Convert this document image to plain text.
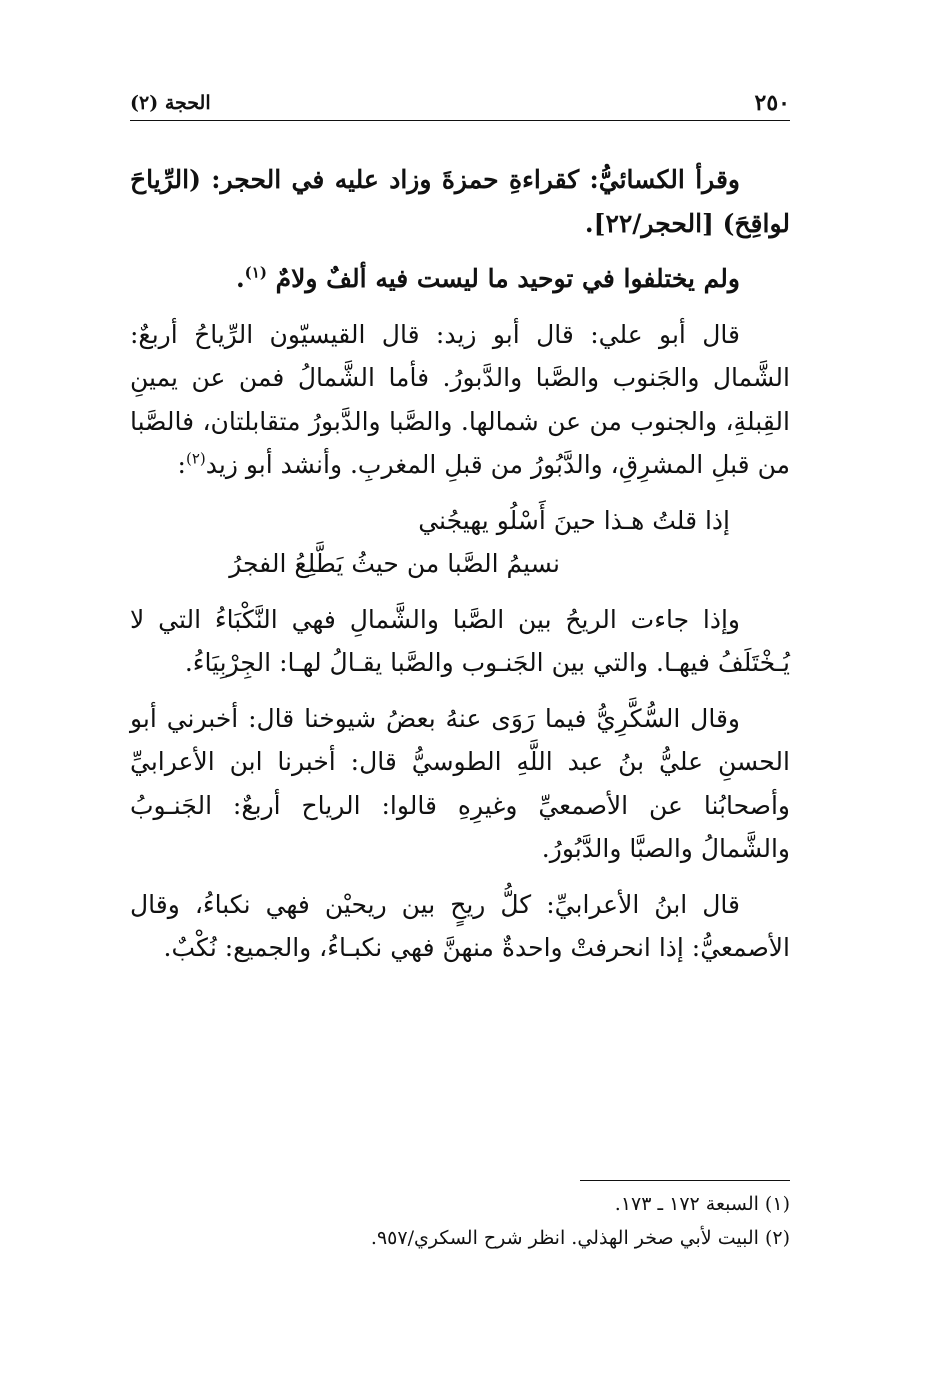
٢٥٠
الحجة (٢)

وقرأ الكسائيُّ: كقراءةِ حمزةَ وزاد عليه في الحجر: (الرِّياحَ لواقِحَ) [الحجر/٢٢].

ولم يختلفوا في توحيد ما ليست فيه ألفٌ ولامٌ $^{(١)}$.

قال أبو علي: قال أبو زيد: قال القيسيّون الرِّياحُ أربعٌ: الشَّمال والجَنوب والصَّبا والدَّبورُ. فأما الشَّمالُ فمن عن يمينِ القِبلةِ، والجنوب من عن شمالها. والصَّبا والدَّبورُ متقابلتان، فالصَّبا من قبلِ المشرِقِ، والدَّبُورُ من قبلِ المغربِ. وأنشد أبو زيد$^{(٢)}$:

إذا قلتُ هـذا حينَ أَسْلُو يهيجُني
نسيمُ الصَّبا من حيثُ يَطَّلِعُ الفجرُ

وإذا جاءت الريحُ بين الصَّبا والشَّمالِ فهي النَّكْبَاءُ التي لا يُـخْتَلَفُ فيهـا. والتي بين الجَنـوب والصَّبا يقـالُ لهـا: الجِرْبِيَاءُ.

وقال السُّكَّرِيُّ فيما رَوَى عنهُ بعضُ شيوخنا قال: أخبرني أبو الحسنِ عليُّ بنُ عبد اللَّهِ الطوسيُّ قال: أخبرنا ابن الأعرابيِّ وأصحابُنا عن الأصمعيِّ وغيرِهِ قالوا: الرياح أربعٌ: الجَنـوبُ والشَّمالُ والصبَّا والدَّبُورُ.

قال ابنُ الأعرابيِّ: كلُّ ريحٍ بين ريحيْن فهي نكباءُ، وقال الأصمعيُّ: إذا انحرفتْ واحدةٌ منهنَّ فهي نكبـاءُ، والجميع: نُكْبٌ.

(١) السبعة ١٧٢ ـ ١٧٣.

(٢) البيت لأبي صخر الهذلي. انظر شرح السكري/٩٥٧.
